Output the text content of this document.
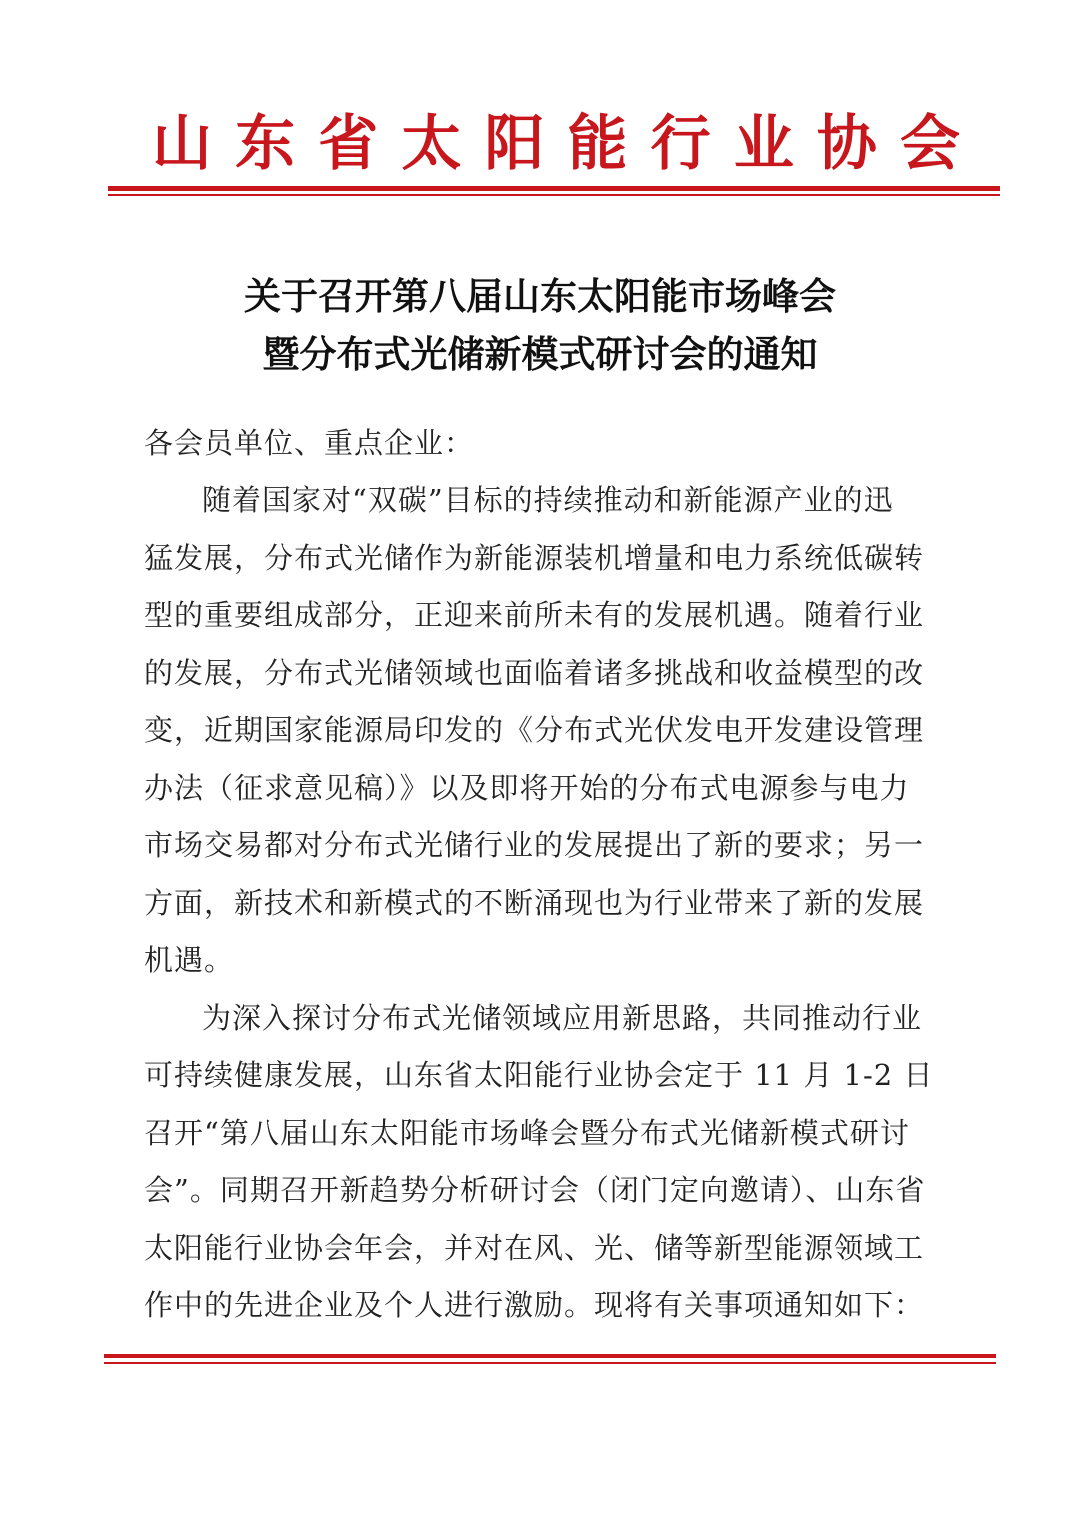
山 东 省 太 阳 能 行 业 协 会
关于召开第八届山东太阳能市场峰会
暨分布式光储新模式研讨会的通知

各会员单位、重点企业：

随着国家对“双碳”目标的持续推动和新能源产业的迅
猛发展，分布式光储作为新能源装机增量和电力系统低碳转
型的重要组成部分，正迎来前所未有的发展机遇。随着行业
的发展，分布式光储领域也面临着诸多挑战和收益模型的改
变，近期国家能源局印发的《分布式光伏发电开发建设管理
办法（征求意见稿）》以及即将开始的分布式电源参与电力
市场交易都对分布式光储行业的发展提出了新的要求；另一
方面，新技术和新模式的不断涌现也为行业带来了新的发展
机遇。
为深入探讨分布式光储领域应用新思路，共同推动行业
可持续健康发展，山东省太阳能行业协会定于 11 月 1-2 日
召开“第八届山东太阳能市场峰会暨分布式光储新模式研讨
会”。同期召开新趋势分析研讨会（闭门定向邀请）、山东省
太阳能行业协会年会，并对在风、光、储等新型能源领域工
作中的先进企业及个人进行激励。现将有关事项通知如下：
